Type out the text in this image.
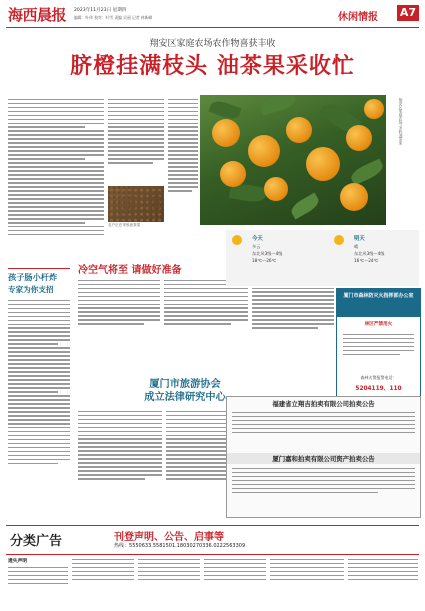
海西晨报 2023年11月23日 星期四
编辑：叶伟 校对：叶雪 责编 吴丽 记者 林新峰	休闲情报 A7
翔安区家庭农场农作物喜获丰收
脐橙挂满枝头 油茶果采收忙
农户正在采收油茶果
翔安区家庭农场 采收油茶果
孩子肠小杆炸
专家为你支招
冷空气将至 请做好准备
厦门市旅游协会
成立法律研究中心
今天
多云
东北风3级～4级
18℃～26℃
明天
晴
东北风3级～4级
16℃～24℃
厦门市森林防灭火指挥部办公室
林区严禁用火
森林火警报警电话：
5204119、110
福建省立翔吉拍卖有限公司拍卖公告
厦门嘉和拍卖有限公司资产拍卖公告
分类广告	刊登声明、公告、启事等
热线：5550633.5581501.18030270336.0222563309
遗失声明
